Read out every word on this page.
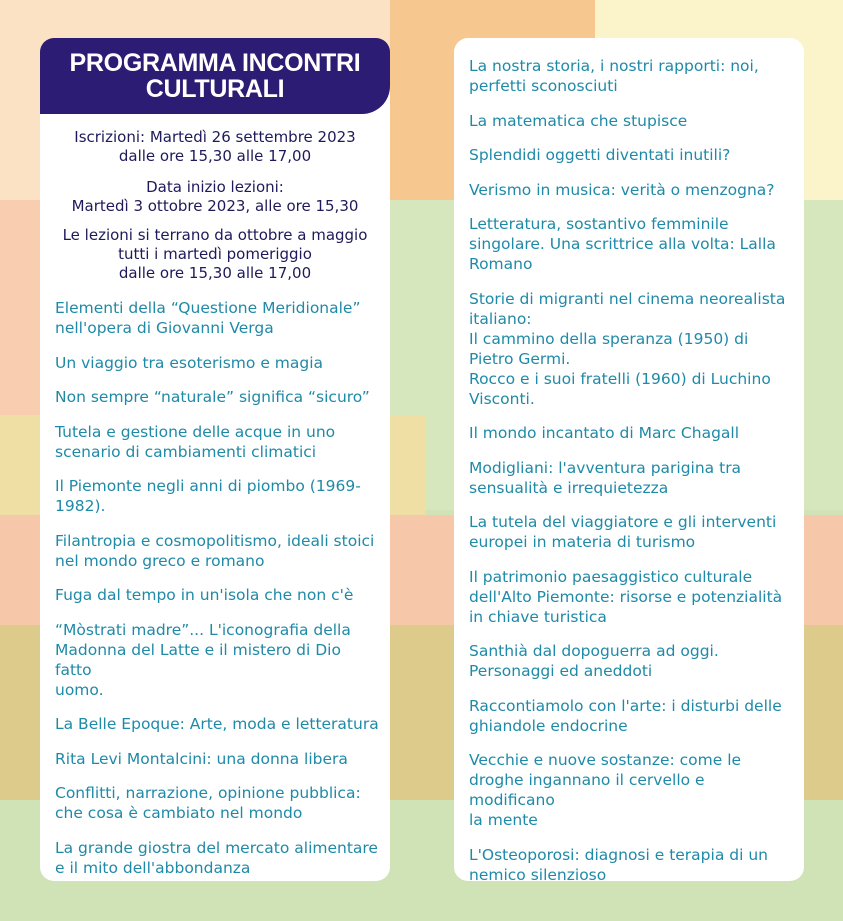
PROGRAMMA INCONTRI
CULTURALI
Iscrizioni: Martedì 26 settembre 2023
dalle ore 15,30 alle 17,00
Data inizio lezioni:
Martedì 3 ottobre 2023, alle ore 15,30
Le lezioni si terrano da ottobre a maggio
tutti i martedì pomeriggio
dalle ore 15,30 alle 17,00
Elementi della “Questione Meridionale”
nell'opera di Giovanni Verga
Un viaggio tra esoterismo e magia
Non sempre “naturale” significa “sicuro”
Tutela e gestione delle acque in uno
scenario di cambiamenti climatici
Il Piemonte negli anni di piombo (1969-
1982).
Filantropia e cosmopolitismo, ideali stoici
nel mondo greco e romano
Fuga dal tempo in un'isola che non c'è
“Mòstrati madre”... L'iconografia della
Madonna del Latte e il mistero di Dio fatto
uomo.
La Belle Epoque: Arte, moda e letteratura
Rita Levi Montalcini: una donna libera
Conflitti, narrazione, opinione pubblica:
che cosa è cambiato nel mondo
La grande giostra del mercato alimentare
e il mito dell'abbondanza
La nostra storia, i nostri rapporti: noi,
perfetti sconosciuti
La matematica che stupisce
Splendidi oggetti diventati inutili?
Verismo in musica: verità o menzogna?
Letteratura, sostantivo femminile
singolare. Una scrittrice alla volta: Lalla
Romano
Storie di migranti nel cinema neorealista
italiano:
Il cammino della speranza (1950) di
Pietro Germi.
Rocco e i suoi fratelli (1960) di Luchino
Visconti.
Il mondo incantato di Marc Chagall
Modigliani: l'avventura parigina tra
sensualità e irrequietezza
La tutela del viaggiatore e gli interventi
europei in materia di turismo
Il patrimonio paesaggistico culturale
dell'Alto Piemonte: risorse e potenzialità
in chiave turistica
Santhià dal dopoguerra ad oggi.
Personaggi ed aneddoti
Raccontiamolo con l'arte: i disturbi delle
ghiandole endocrine
Vecchie e nuove sostanze: come le
droghe ingannano il cervello e modificano
la mente
L'Osteoporosi: diagnosi e terapia di un
nemico silenzioso
